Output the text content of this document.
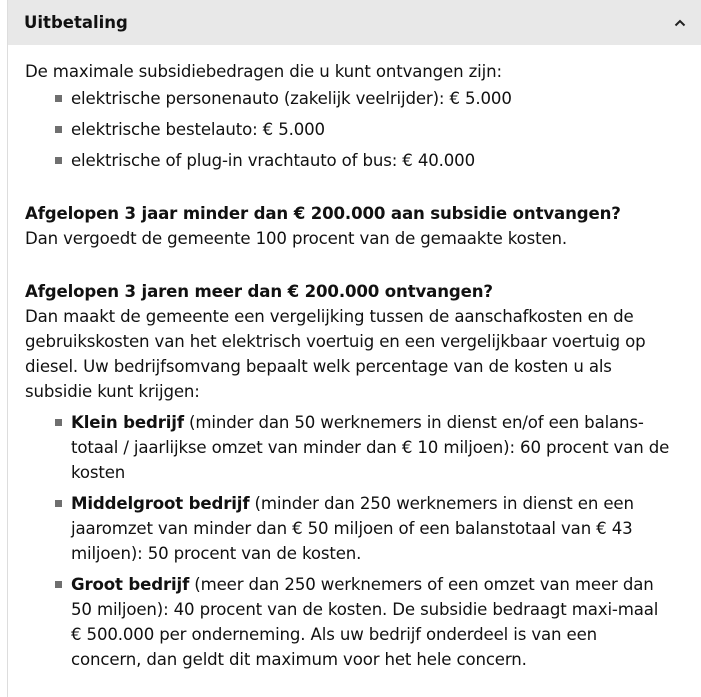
Uitbetaling

De maximale subsidiebedragen die u kunt ontvangen zijn:

elektrische personenauto (zakelijk veelrijder): € 5.000
elektrische bestelauto: € 5.000
elektrische of plug-in vrachtauto of bus: € 40.000

Afgelopen 3 jaar minder dan € 200.000 aan subsidie ontvangen?

Dan vergoedt de gemeente 100 procent van de gemaakte kosten.

Afgelopen 3 jaren meer dan € 200.000 ontvangen?

Dan maakt de gemeente een vergelijking tussen de aanschafkosten en de gebruikskosten van het elektrisch voertuig en een vergelijkbaar voertuig op diesel. Uw bedrijfsomvang bepaalt welk percentage van de kosten u als subsidie kunt krijgen:

Klein bedrijf (minder dan 50 werknemers in dienst en/of een balans-totaal / jaarlijkse omzet van minder dan € 10 miljoen): 60 procent van de kosten
Middelgroot bedrijf (minder dan 250 werknemers in dienst en een jaaromzet van minder dan € 50 miljoen of een balanstotaal van € 43 miljoen): 50 procent van de kosten.
Groot bedrijf (meer dan 250 werknemers of een omzet van meer dan 50 miljoen): 40 procent van de kosten. De subsidie bedraagt maxi-maal € 500.000 per onderneming. Als uw bedrijf onderdeel is van een concern, dan geldt dit maximum voor het hele concern.
